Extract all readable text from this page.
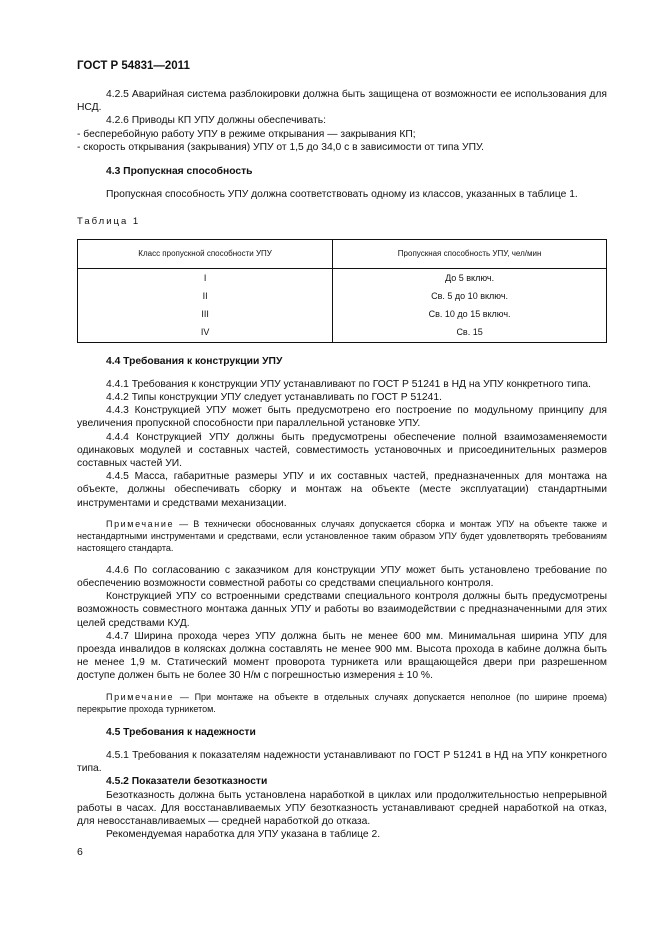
ГОСТ Р 54831—2011

4.2.5 Аварийная система разблокировки должна быть защищена от возможности ее использования для НСД.

4.2.6 Приводы КП УПУ должны обеспечивать:

- бесперебойную работу УПУ в режиме открывания — закрывания КП;

- скорость открывания (закрывания) УПУ от 1,5 до 34,0 с в зависимости от типа УПУ.

4.3 Пропускная способность

Пропускная способность УПУ должна соответствовать одному из классов, указанных в таблице 1.

Таблица 1
Класс пропускной способности УПУ	Пропускная способность УПУ, чел/мин
I	До 5 включ.
II	Св. 5 до 10 включ.
III	Св. 10 до 15 включ.
IV	Св. 15

4.4 Требования к конструкции УПУ

4.4.1 Требования к конструкции УПУ устанавливают по ГОСТ Р 51241 в НД на УПУ конкретного типа.

4.4.2 Типы конструкции УПУ следует устанавливать по ГОСТ Р 51241.

4.4.3 Конструкцией УПУ может быть предусмотрено его построение по модульному принципу для увеличения пропускной способности при параллельной установке УПУ.

4.4.4 Конструкцией УПУ должны быть предусмотрены обеспечение полной взаимозаменяемости одинаковых модулей и составных частей, совместимость установочных и присоединительных размеров составных частей УИ.

4.4.5 Масса, габаритные размеры УПУ и их составных частей, предназначенных для монтажа на объекте, должны обеспечивать сборку и монтаж на объекте (месте эксплуатации) стандартными инструментами и средствами механизации.

Примечание — В технически обоснованных случаях допускается сборка и монтаж УПУ на объекте также и нестандартными инструментами и средствами, если установленное таким образом УПУ будет удовлетворять требованиям настоящего стандарта.

4.4.6 По согласованию с заказчиком для конструкции УПУ может быть установлено требование по обеспечению возможности совместной работы со средствами специального контроля.

Конструкцией УПУ со встроенными средствами специального контроля должны быть предусмотрены возможность совместного монтажа данных УПУ и работы во взаимодействии с предназначенными для этих целей средствами КУД.

4.4.7 Ширина прохода через УПУ должна быть не менее 600 мм. Минимальная ширина УПУ для проезда инвалидов в колясках должна составлять не менее 900 мм. Высота прохода в кабине должна быть не менее 1,9 м. Статический момент проворота турникета или вращающейся двери при разрешенном доступе должен быть не более 30 Н/м с погрешностью измерения ± 10 %.

Примечание — При монтаже на объекте в отдельных случаях допускается неполное (по ширине проема) перекрытие прохода турникетом.

4.5 Требования к надежности

4.5.1 Требования к показателям надежности устанавливают по ГОСТ Р 51241 в НД на УПУ конкретного типа.

4.5.2 Показатели безотказности

Безотказность должна быть установлена наработкой в циклах или продолжительностью непрерывной работы в часах. Для восстанавливаемых УПУ безотказность устанавливают средней наработкой на отказ, для невосстанавливаемых — средней наработкой до отказа.

Рекомендуемая наработка для УПУ указана в таблице 2.

6
